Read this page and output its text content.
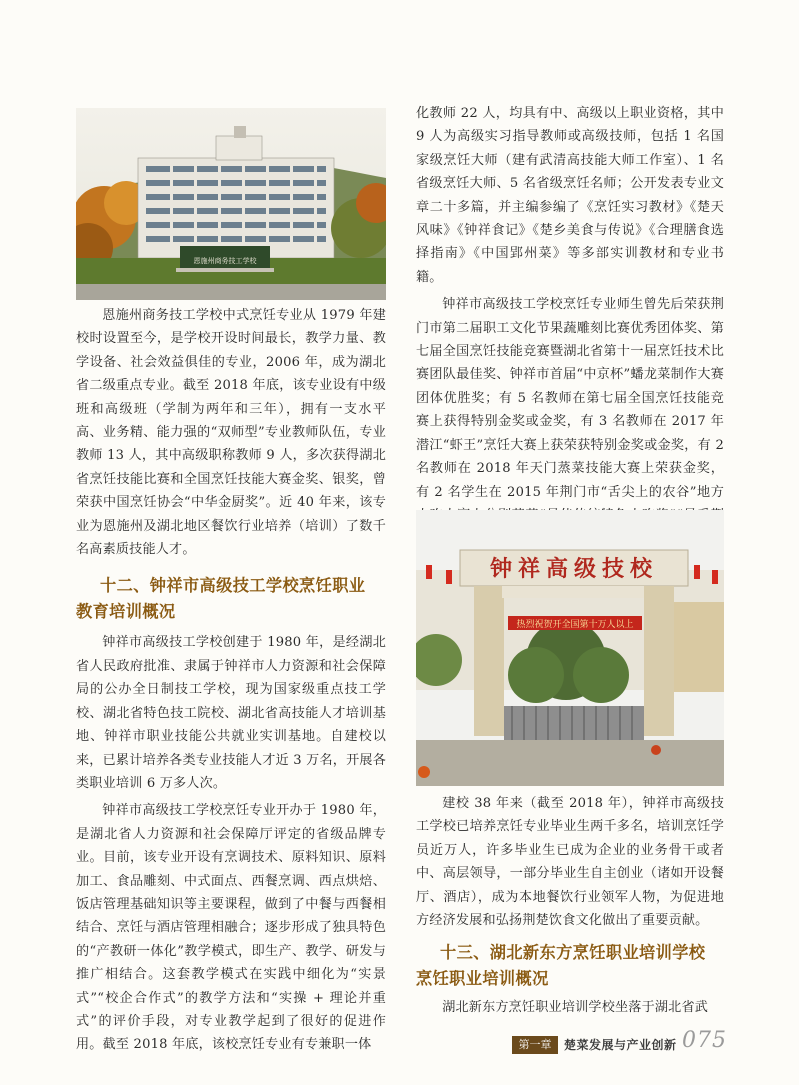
恩施州商务技工学校

恩施州商务技工学校中式烹饪专业从 1979 年建校时设置至今，是学校开设时间最长，教学力量、教学设备、社会效益俱佳的专业，2006 年，成为湖北省二级重点专业。截至 2018 年底，该专业设有中级班和高级班（学制为两年和三年），拥有一支水平高、业务精、能力强的“双师型”专业教师队伍，专业教师 13 人，其中高级职称教师 9 人，多次获得湖北省烹饪技能比赛和全国烹饪技能大赛金奖、银奖，曾荣获中国烹饪协会“中华金厨奖”。近 40 年来，该专业为恩施州及湖北地区餐饮行业培养（培训）了数千名高素质技能人才。

十二、钟祥市高级技工学校烹饪职业
教育培训概况

钟祥市高级技工学校创建于 1980 年，是经湖北省人民政府批准、隶属于钟祥市人力资源和社会保障局的公办全日制技工学校，现为国家级重点技工学校、湖北省特色技工院校、湖北省高技能人才培训基地、钟祥市职业技能公共就业实训基地。自建校以来，已累计培养各类专业技能人才近 3 万名，开展各类职业培训 6 万多人次。

钟祥市高级技工学校烹饪专业开办于 1980 年，是湖北省人力资源和社会保障厅评定的省级品牌专业。目前，该专业开设有烹调技术、原料知识、原料加工、食品雕刻、中式面点、西餐烹调、西点烘焙、饭店管理基础知识等主要课程，做到了中餐与西餐相结合、烹饪与酒店管理相融合；逐步形成了独具特色的“产教研一体化”教学模式，即生产、教学、研发与推广相结合。这套教学模式在实践中细化为“实景式”“校企合作式”的教学方法和“实操 + 理论并重式”的评价手段，对专业教学起到了很好的促进作用。截至 2018 年底，该校烹饪专业有专兼职一体

化教师 22 人，均具有中、高级以上职业资格，其中 9 人为高级实习指导教师或高级技师，包括 1 名国家级烹饪大师（建有武清高技能大师工作室）、1 名省级烹饪大师、5 名省级烹饪名师；公开发表专业文章二十多篇，并主编参编了《烹饪实习教材》《楚天风味》《钟祥食记》《楚乡美食与传说》《合理膳食选择指南》《中国郢州菜》等多部实训教材和专业书籍。

钟祥市高级技工学校烹饪专业师生曾先后荣获荆门市第二届职工文化节果蔬雕刻比赛优秀团体奖、第七届全国烹饪技能竞赛暨湖北省第十一届烹饪技术比赛团队最佳奖、钟祥市首届“中京杯”蟠龙菜制作大赛团体优胜奖；有 5 名教师在第七届全国烹饪技能竞赛上获得特别金奖或金奖，有 3 名教师在 2017 年潜江“虾王”烹饪大赛上获荣获特别金奖或金奖，有 2 名教师在 2018 年天门蒸菜技能大赛上荣获金奖，有 2 名学生在 2015 年荆门市“舌尖上的农谷”地方

钟祥高级技校
热烈祝贺开全国第十万人以上

建校 38 年来（截至 2018 年），钟祥市高级技工学校已培养烹饪专业毕业生两千多名，培训烹饪学员近万人，许多毕业生已成为企业的业务骨干或者中、高层领导，一部分毕业生自主创业（诸如开设餐厅、酒店），成为本地餐饮行业领军人物，为促进地方经济发展和弘扬荆楚饮食文化做出了重要贡献。

十三、湖北新东方烹饪职业培训学校
烹饪职业培训概况

湖北新东方烹饪职业培训学校坐落于湖北省武

第一章	楚菜发展与产业创新 075
